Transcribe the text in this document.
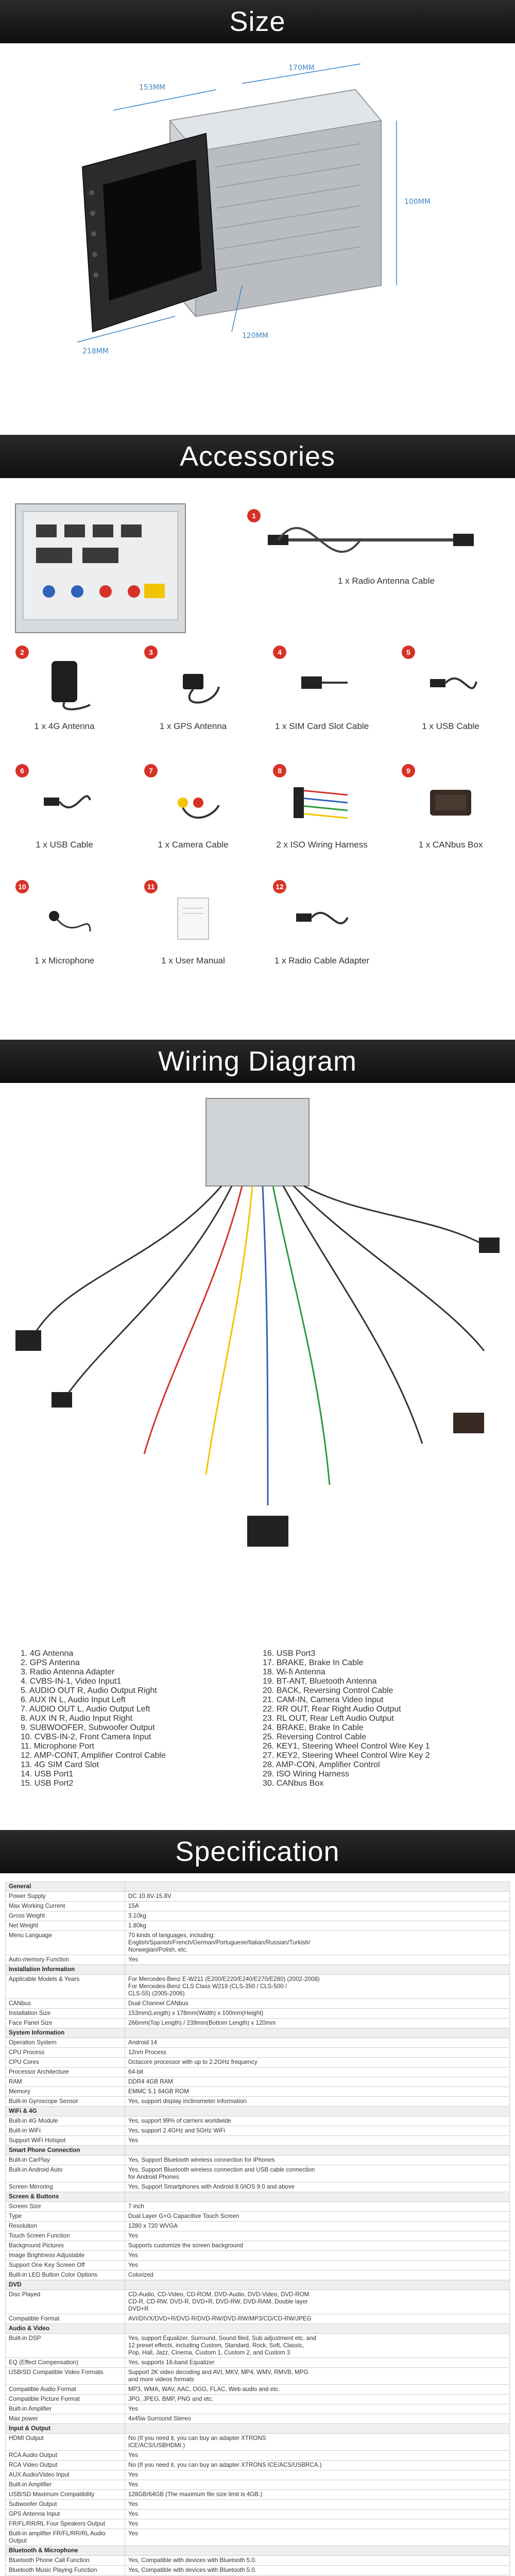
Size
153MM
170MM
100MM
218MM
120MM
Accessories
1
1 x Radio Antenna Cable
2
1 x 4G Antenna
3
1 x GPS Antenna
4
1 x SIM Card Slot Cable
5
1 x USB Cable
6
1 x USB Cable
7
1 x Camera Cable
8
2 x ISO Wiring Harness
9
1 x CANbus Box
10
1 x Microphone
11
1 x User Manual
12
1 x Radio Cable Adapter
Wiring Diagram
1. 4G Antenna	16. USB Port3
2. GPS Antenna	17. BRAKE, Brake In Cable
3. Radio Antenna Adapter	18. Wi-fi Antenna
4. CVBS-IN-1, Video Input1	19. BT-ANT, Bluetooth Antenna
5. AUDIO OUT R, Audio Output Right	20. BACK, Reversing Control Cable
6. AUX IN L, Audio Input Left	21. CAM-IN, Camera Video Input
7. AUDIO OUT L, Audio Output Left	22. RR OUT, Rear Right Audio Output
8. AUX IN R, Audio Input Right	23. RL OUT, Rear Left Audio Output
9. SUBWOOFER, Subwoofer Output	24. BRAKE, Brake In Cable
10. CVBS-IN-2, Front Camera Input	25. Reversing Control Cable
11. Microphone Port	26. KEY1, Steering Wheel Control Wire Key 1
12. AMP-CONT, Amplifier Control Cable	27. KEY2, Steering Wheel Control Wire Key 2
13. 4G SIM Card Slot	28. AMP-CON, Amplifier Control
14. USB Port1	29. ISO Wiring Harness
15. USB Port2	30. CANbus Box
Specification
General	
Power Supply	DC 10.8V-15.8V
Max Working Current	15A
Gross Weight	3.10kg
Net Weight	1.80kg
Menu Language	70 kinds of languages, including:
English/Spanish/French/German/Portuguese/Italian/Russian/Turkish/
Norwegian/Polish, etc.
Auto-memory Function	Yes
Installation Information	
Applicable Models & Years	For Mercedes-Benz E-W211 (E200/E220/E240/E270/E280) (2002-2008)
For Mercedes-Benz CLS Class W219 (CLS-350 / CLS-500 /
CLS-55) (2005-2006)
CANbus	Dual Channel CANbus
Installation Size	153mm(Length) x 178mm(Width) x 100mm(Height)
Face Panel Size	266mm(Top Length) / 239mm(Bottom Length) x 120mm
System Information	
Operation System	Android 14
CPU Process	12nm Process
CPU Cores	Octacore processor with up to 2.2GHz frequency
Processor Architecture	64-bit
RAM	DDR4 4GB RAM
Memory	EMMC 5.1 64GB ROM
Built-in Gyroscope Sensor	Yes, support display inclinometer information
WiFi & 4G	
Built-in 4G Module	Yes, support 99% of carriers worldwide
Built-in WiFi	Yes, support 2.4GHz and 5GHz WiFi
Support WiFi Hotspot	Yes
Smart Phone Connection	
Built-in CarPlay	Yes, Support Bluetooth wireless connection for iPhones
Built-in Android Auto	Yes, Support Bluetooth wireless connection and USB cable connection
for Android Phones
Screen Mirroring	Yes, Support Smartphones with Android 8.0/iOS 9.0 and above
Screen & Buttons	
Screen Size	7 inch
Type	Dual Layer G+G Capacitive Touch Screen
Resolution	1280 x 720 WVGA
Touch Screen Function	Yes
Background Pictures	Supports customize the screen background
Image Brightness Adjustable	Yes
Support One Key Screen Off	Yes
Built-in LED Button Color Options	Colorized
DVD	
Disc Played	CD-Audio, CD-Video, CD-ROM, DVD-Audio, DVD-Video, DVD-ROM
CD-R, CD-RW, DVD-R, DVD+R, DVD-RW, DVD-RAM, Double layer
DVD+R
Compatible Format	AVI/DIVX/DVD+R/DVD-R/DVD-RW/DVD-RW/MP3/CD/CD-RW/JPEG
Audio & Video	
Built-in DSP	Yes, support Equalizer, Surround, Sound filed, Sub adjustment etc. and
12 preset effects, including Custom, Standard, Rock, Soft, Classic,
Pop, Hall, Jazz, Cinema, Custom 1, Custom 2, and Custom 3
EQ (Effect Compensation)	Yes, supports 16-band Equalizer
USB/SD Compatible Video Formats	Support 2K video decoding and AVI, MKV, MP4, WMV, RMVB, MPG
and more videos formats
Compatible Audio Format	MP3, WMA, WAV, AAC, OGG, FLAC, Web audio and etc.
Compatible Picture Format	JPG, JPEG, BMP, PNG and etc.
Built-in Amplifier	Yes
Max power	4x45w Surround Stereo
Input & Output	
HDMI Output	No (If you need it, you can buy an adapter XTRONS
ICE/ACS/USBHDMI.)
RCA Audio Output	Yes
RCA Video Output	No (If you need it, you can buy an adapter XTRONS ICE/ACS/USBRCA.)
AUX Audio/Video Input	Yes
Built-in Amplifier	Yes
USB/SD Maximum Compatibility	128GB/64GB (The maximum file size limit is 4GB.)
Subwoofer Output	Yes
GPS Antenna Input	Yes
FR/FL/RR/RL Four Speakers Output	Yes
Built-in amplifier FR/FL/RR/RL Audio Output	Yes
Bluetooth & Microphone	
Bluetooth Phone Call Function	Yes, Compatible with devices with Bluetooth 5.0.
Bluetooth Music Playing Function	Yes, Compatible with devices with Bluetooth 5.0.
